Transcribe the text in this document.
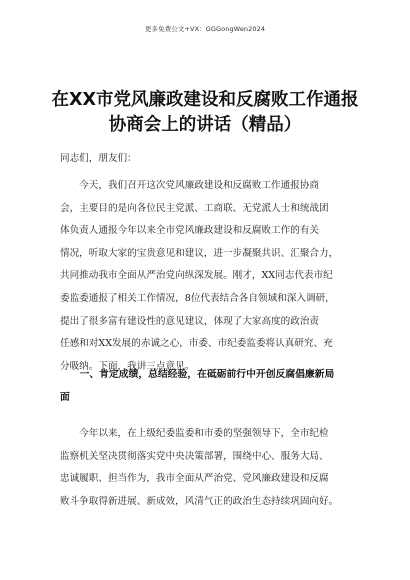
更多免费公文+VX：GGGongWen2024
在XX市党风廉政建设和反腐败工作通报
协商会上的讲话（精品）
同志们，朋友们：
　　今天，我们召开这次党风廉政建设和反腐败工作通报协商
会，主要目的是向各位民主党派、工商联、无党派人士和统战团
体负责人通报今年以来全市党风廉政建设和反腐败工作的有关
情况，听取大家的宝贵意见和建议，进一步凝聚共识、汇聚合力，
共同推动我市全面从严治党向纵深发展。刚才，XX同志代表市纪
委监委通报了相关工作情况，8位代表结合各自领域和深入调研，
提出了很多富有建设性的意见建议，体现了大家高度的政治责
任感和对XX发展的赤诚之心，市委、市纪委监委将认真研究、充
分吸纳。下面，我讲三点意见。
　　一、肯定成绩，总结经验，在砥砺前行中开创反腐倡廉新局
面
　　今年以来，在上级纪委监委和市委的坚强领导下，全市纪检
监察机关坚决贯彻落实党中央决策部署，围绕中心、服务大局、
忠诚履职、担当作为，我市全面从严治党、党风廉政建设和反腐
败斗争取得新进展、新成效，风清气正的政治生态持续巩固向好。
